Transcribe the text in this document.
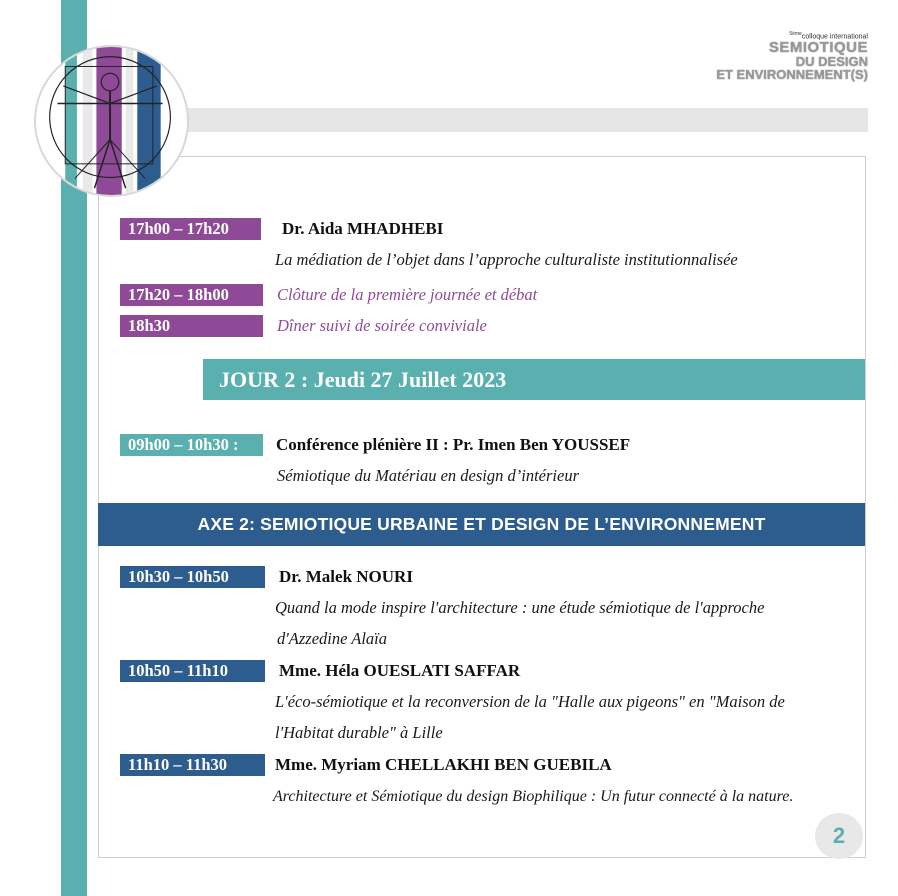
$^{5ème}$colloque international
SEMIOTIQUE
DU DESIGN
ET ENVIRONNEMENT(S)
17h00 – 17h20	Dr. Aida MHADHEBI
La médiation de l’objet dans l’approche culturaliste institutionnalisée
17h20 – 18h00	Clôture de la première journée et débat
18h30	Dîner suivi de soirée conviviale
JOUR 2 : Jeudi 27 Juillet 2023
09h00 – 10h30 :	Conférence plénière II : Pr. Imen Ben YOUSSEF
Sémiotique du Matériau en design d’intérieur
AXE 2: SEMIOTIQUE URBAINE ET DESIGN DE L’ENVIRONNEMENT
10h30 – 10h50	Dr. Malek NOURI
Quand la mode inspire l'architecture : une étude sémiotique de l'approche
d'Azzedine Alaïa
10h50 – 11h10	Mme. Héla OUESLATI SAFFAR
L'éco-sémiotique et la reconversion de la "Halle aux pigeons" en "Maison de
l'Habitat durable" à Lille
11h10 – 11h30	Mme. Myriam CHELLAKHI BEN GUEBILA
Architecture et Sémiotique du design Biophilique : Un futur connecté à la nature.
2
